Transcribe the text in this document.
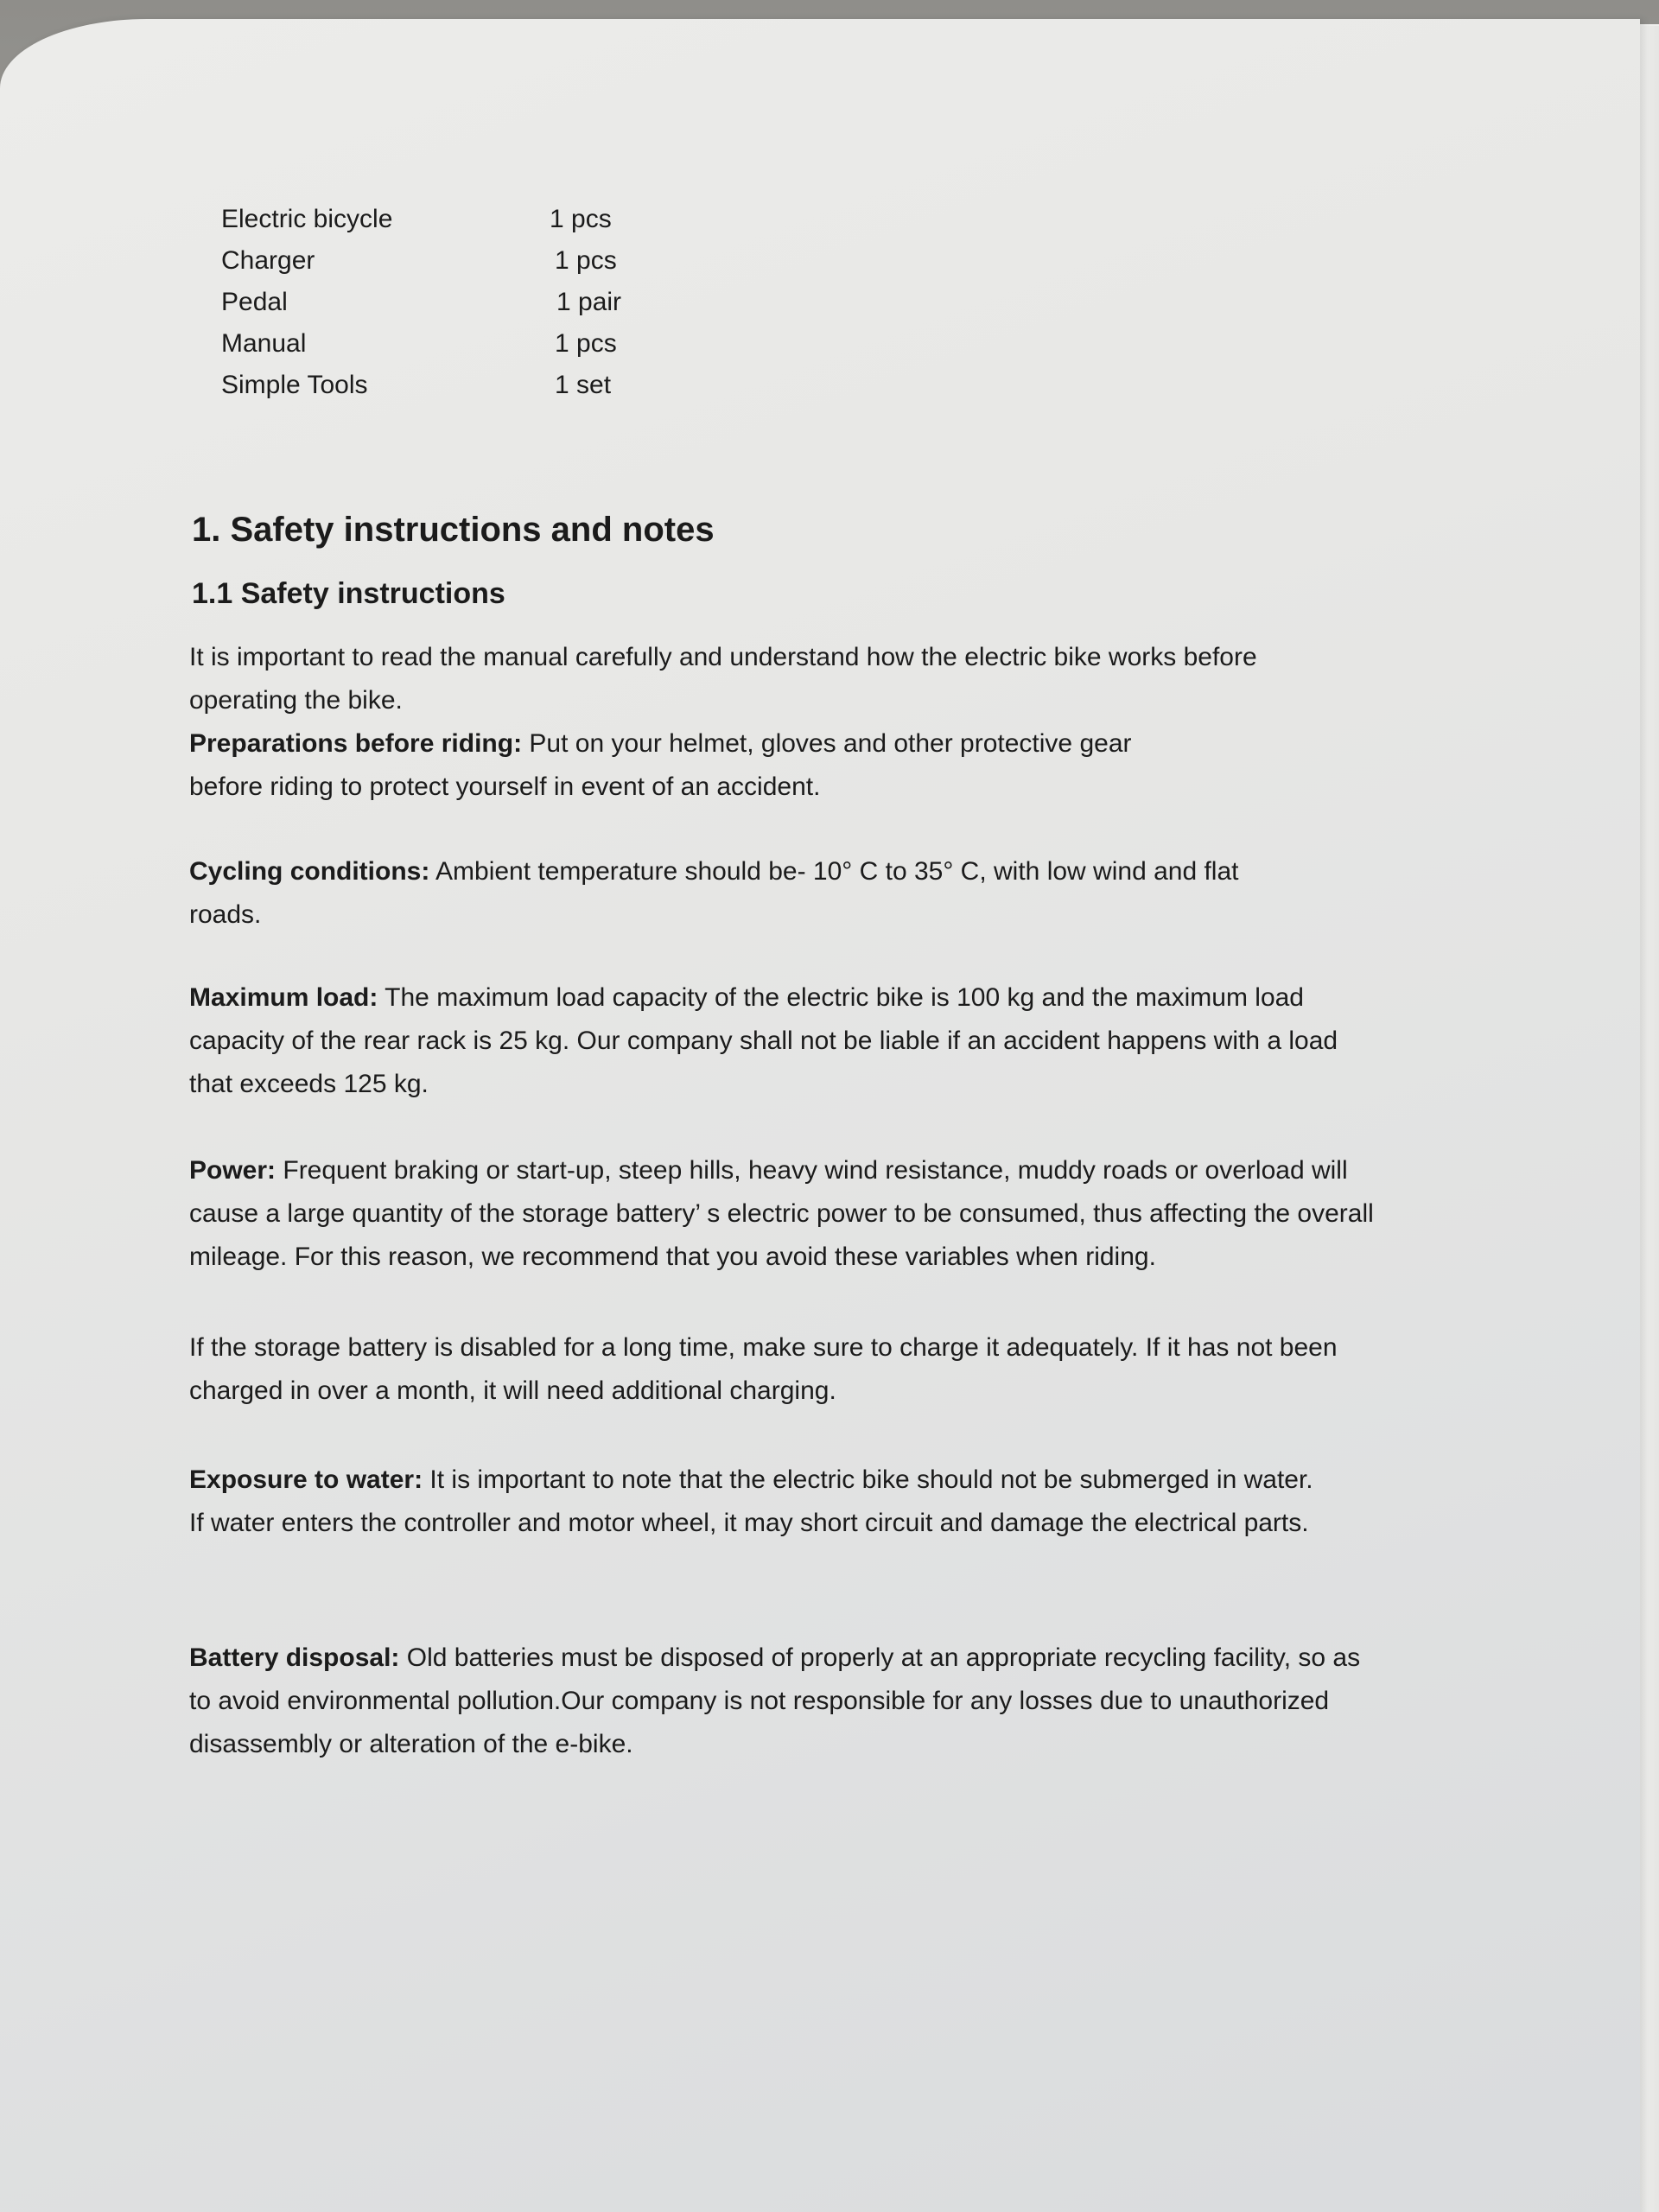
Electric bicycle	1 pcs
Charger	1 pcs
Pedal	1 pair
Manual	1 pcs
Simple Tools	1 set
1. Safety instructions and notes
1.1 Safety instructions

It is important to read the manual carefully and understand how the electric bike works before operating the bike.

Preparations before riding: Put on your helmet, gloves and other protective gear before riding to protect yourself in event of an accident.

Cycling conditions: Ambient temperature should be- 10° C to 35° C, with low wind and flat roads.

Maximum load: The maximum load capacity of the electric bike is 100 kg and the maximum load capacity of the rear rack is 25 kg. Our company shall not be liable if an accident happens with a load that exceeds 125 kg.

Power: Frequent braking or start-up, steep hills, heavy wind resistance, muddy roads or overload will cause a large quantity of the storage battery’ s electric power to be consumed, thus affecting the overall mileage. For this reason, we recommend that you avoid these variables when riding.

If the storage battery is disabled for a long time, make sure to charge it adequately. If it has not been charged in over a month, it will need additional charging.

Exposure to water: It is important to note that the electric bike should not be submerged in water. If water enters the controller and motor wheel, it may short circuit and damage the electrical parts.

Battery disposal: Old batteries must be disposed of properly at an appropriate recycling facility, so as to avoid environmental pollution.Our company is not responsible for any losses due to unauthorized disassembly or alteration of the e-bike.
